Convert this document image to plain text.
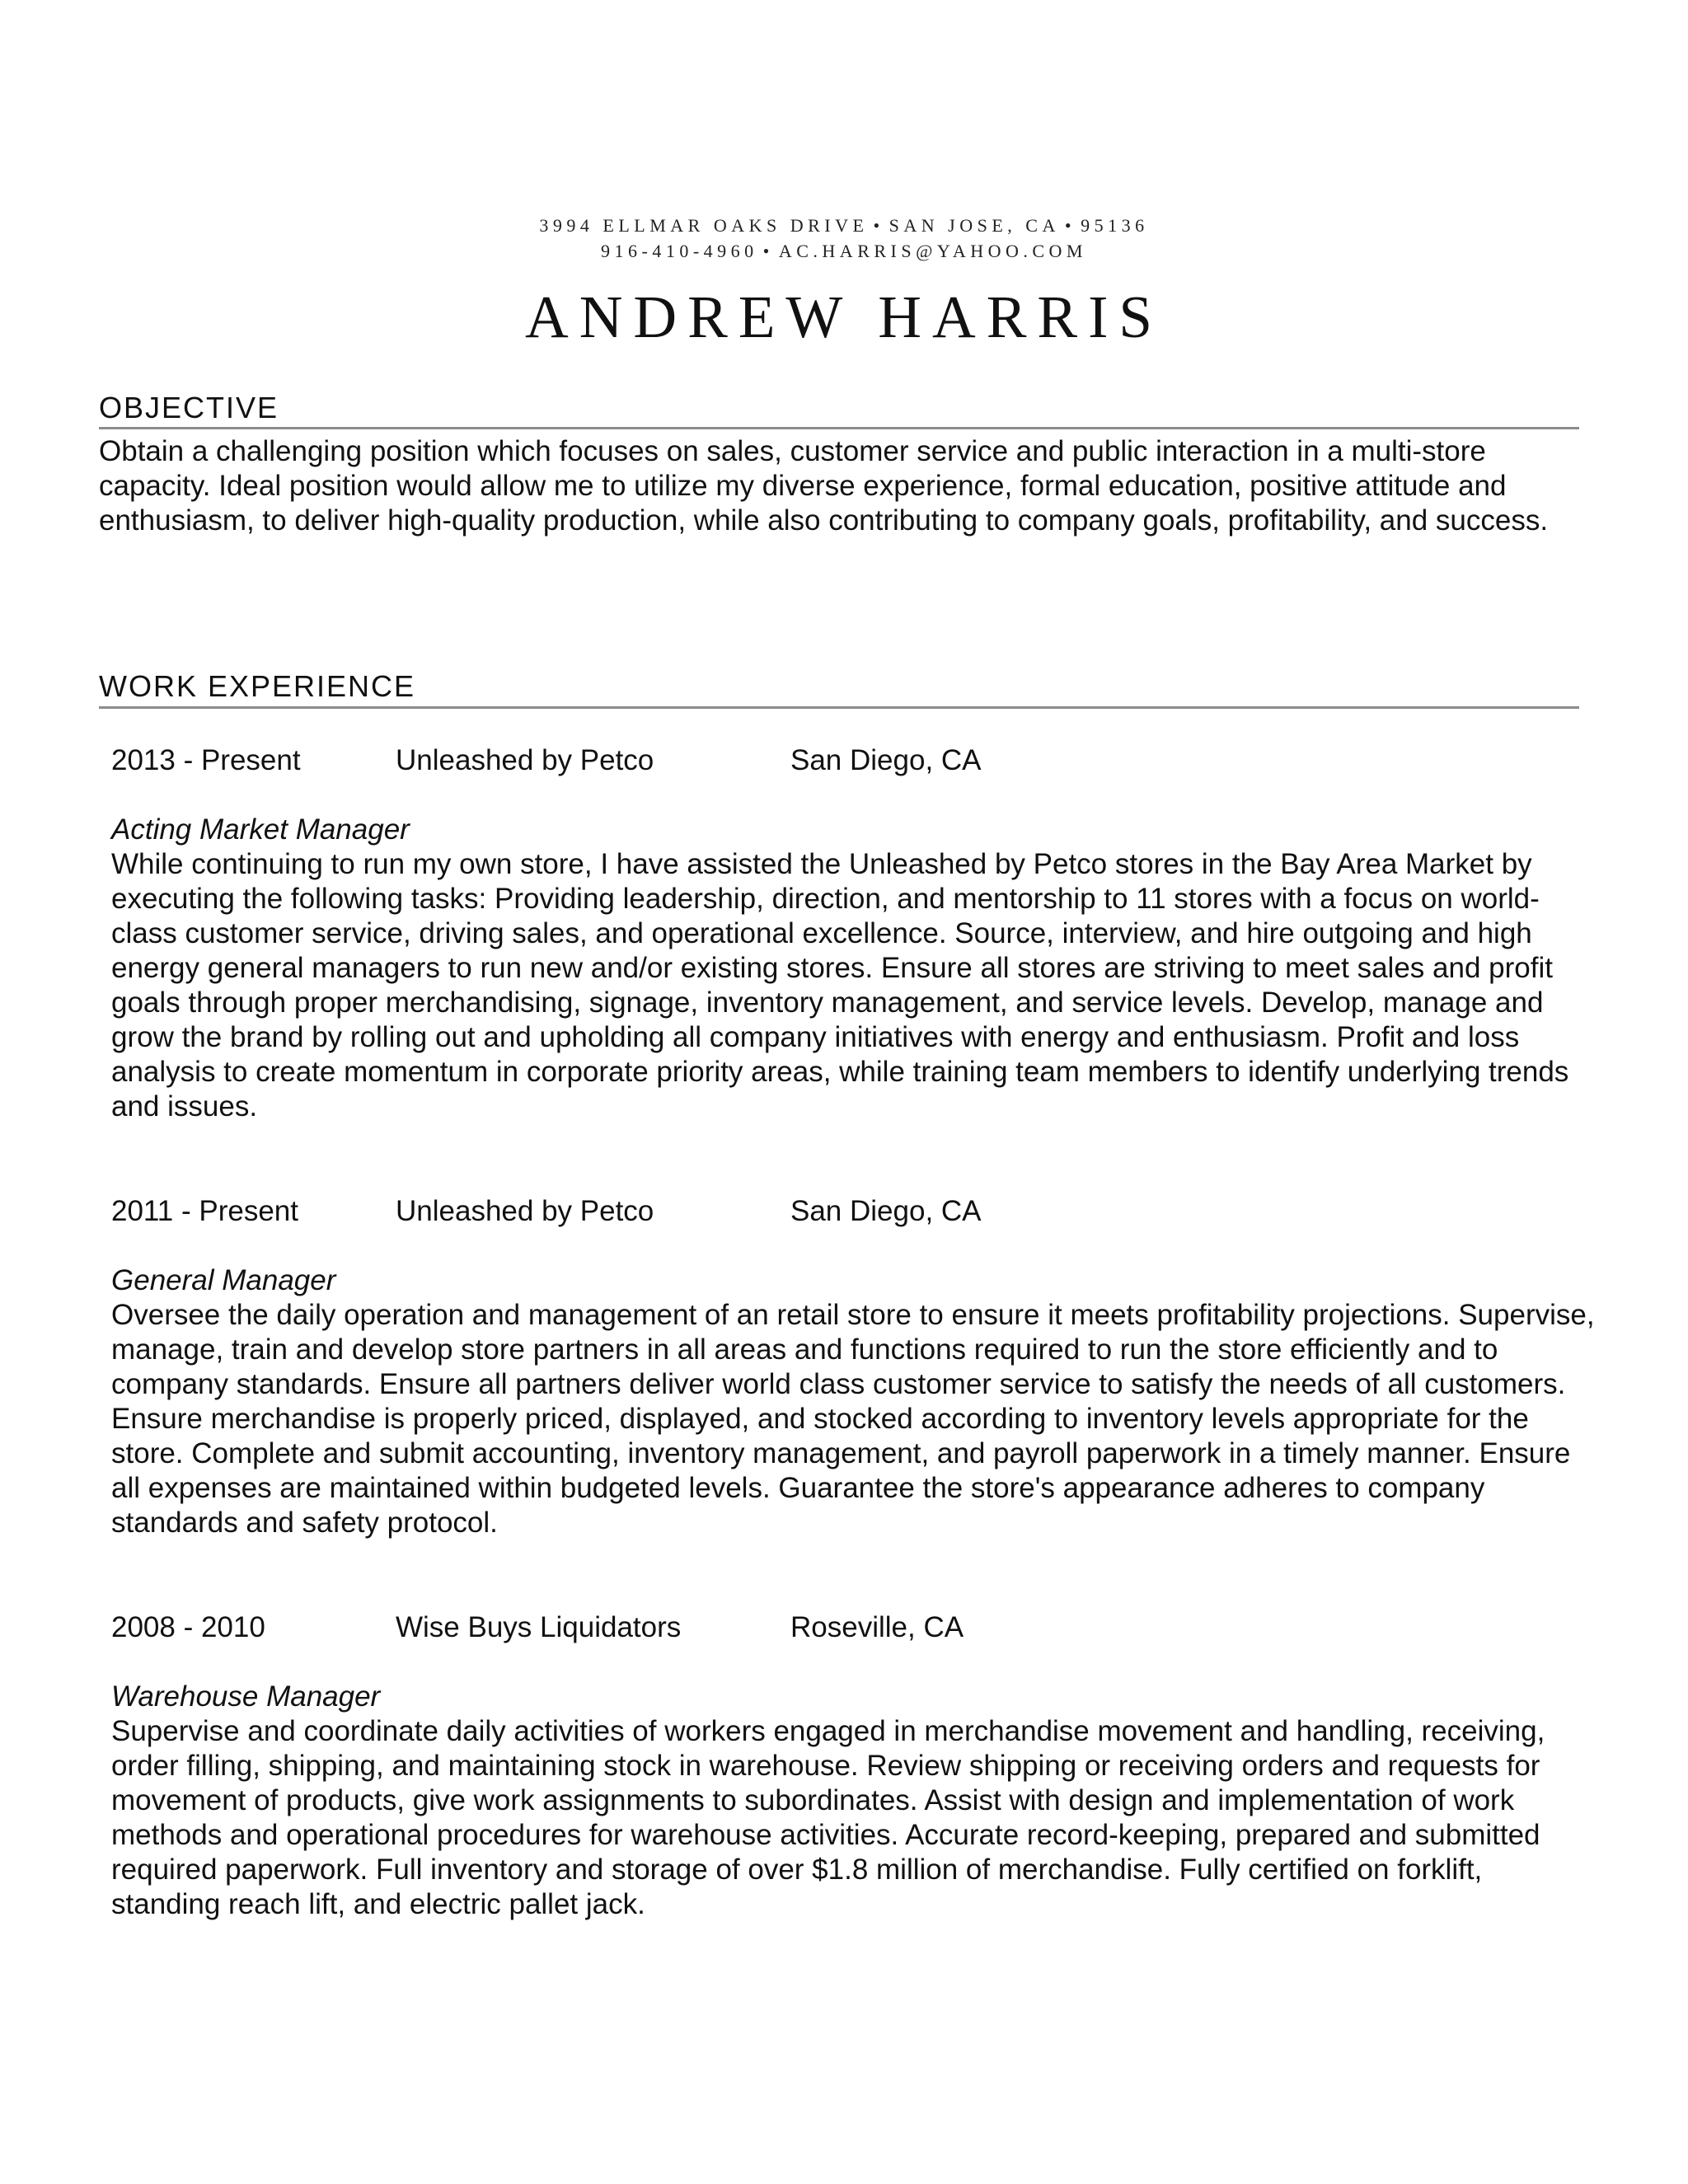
3994 ELLMAR OAKS DRIVE • SAN JOSE, CA • 95136
916-410-4960 • AC.HARRIS@YAHOO.COM
ANDREW HARRIS
OBJECTIVE
Obtain a challenging position which focuses on sales, customer service and public interaction in a multi-store capacity. Ideal position would allow me to utilize my diverse experience, formal education, positive attitude and enthusiasm, to deliver high-quality production, while also contributing to company goals, profitability, and success.
WORK EXPERIENCE
2013 - Present	Unleashed by Petco	San Diego, CA
Acting Market Manager
While continuing to run my own store, I have assisted the Unleashed by Petco stores in the Bay Area Market by executing the following tasks: Providing leadership, direction, and mentorship to 11 stores with a focus on world-class customer service, driving sales, and operational excellence. Source, interview, and hire outgoing and high energy general managers to run new and/or existing stores. Ensure all stores are striving to meet sales and profit goals through proper merchandising, signage, inventory management, and service levels. Develop, manage and grow the brand by rolling out and upholding all company initiatives with energy and enthusiasm. Profit and loss analysis to create momentum in corporate priority areas, while training team members to identify underlying trends and issues.
2011 - Present	Unleashed by Petco	San Diego, CA
General Manager
Oversee the daily operation and management of an retail store to ensure it meets profitability projections. Supervise, manage, train and develop store partners in all areas and functions required to run the store efficiently and to company standards. Ensure all partners deliver world class customer service to satisfy the needs of all customers. Ensure merchandise is properly priced, displayed, and stocked according to inventory levels appropriate for the store. Complete and submit accounting, inventory management, and payroll paperwork in a timely manner. Ensure all expenses are maintained within budgeted levels. Guarantee the store's appearance adheres to company standards and safety protocol.
2008 - 2010	Wise Buys Liquidators	Roseville, CA
Warehouse Manager
Supervise and coordinate daily activities of workers engaged in merchandise movement and handling, receiving, order filling, shipping, and maintaining stock in warehouse. Review shipping or receiving orders and requests for movement of products, give work assignments to subordinates. Assist with design and implementation of work methods and operational procedures for warehouse activities. Accurate record-keeping, prepared and submitted required paperwork. Full inventory and storage of over $1.8 million of merchandise. Fully certified on forklift, standing reach lift, and electric pallet jack.
